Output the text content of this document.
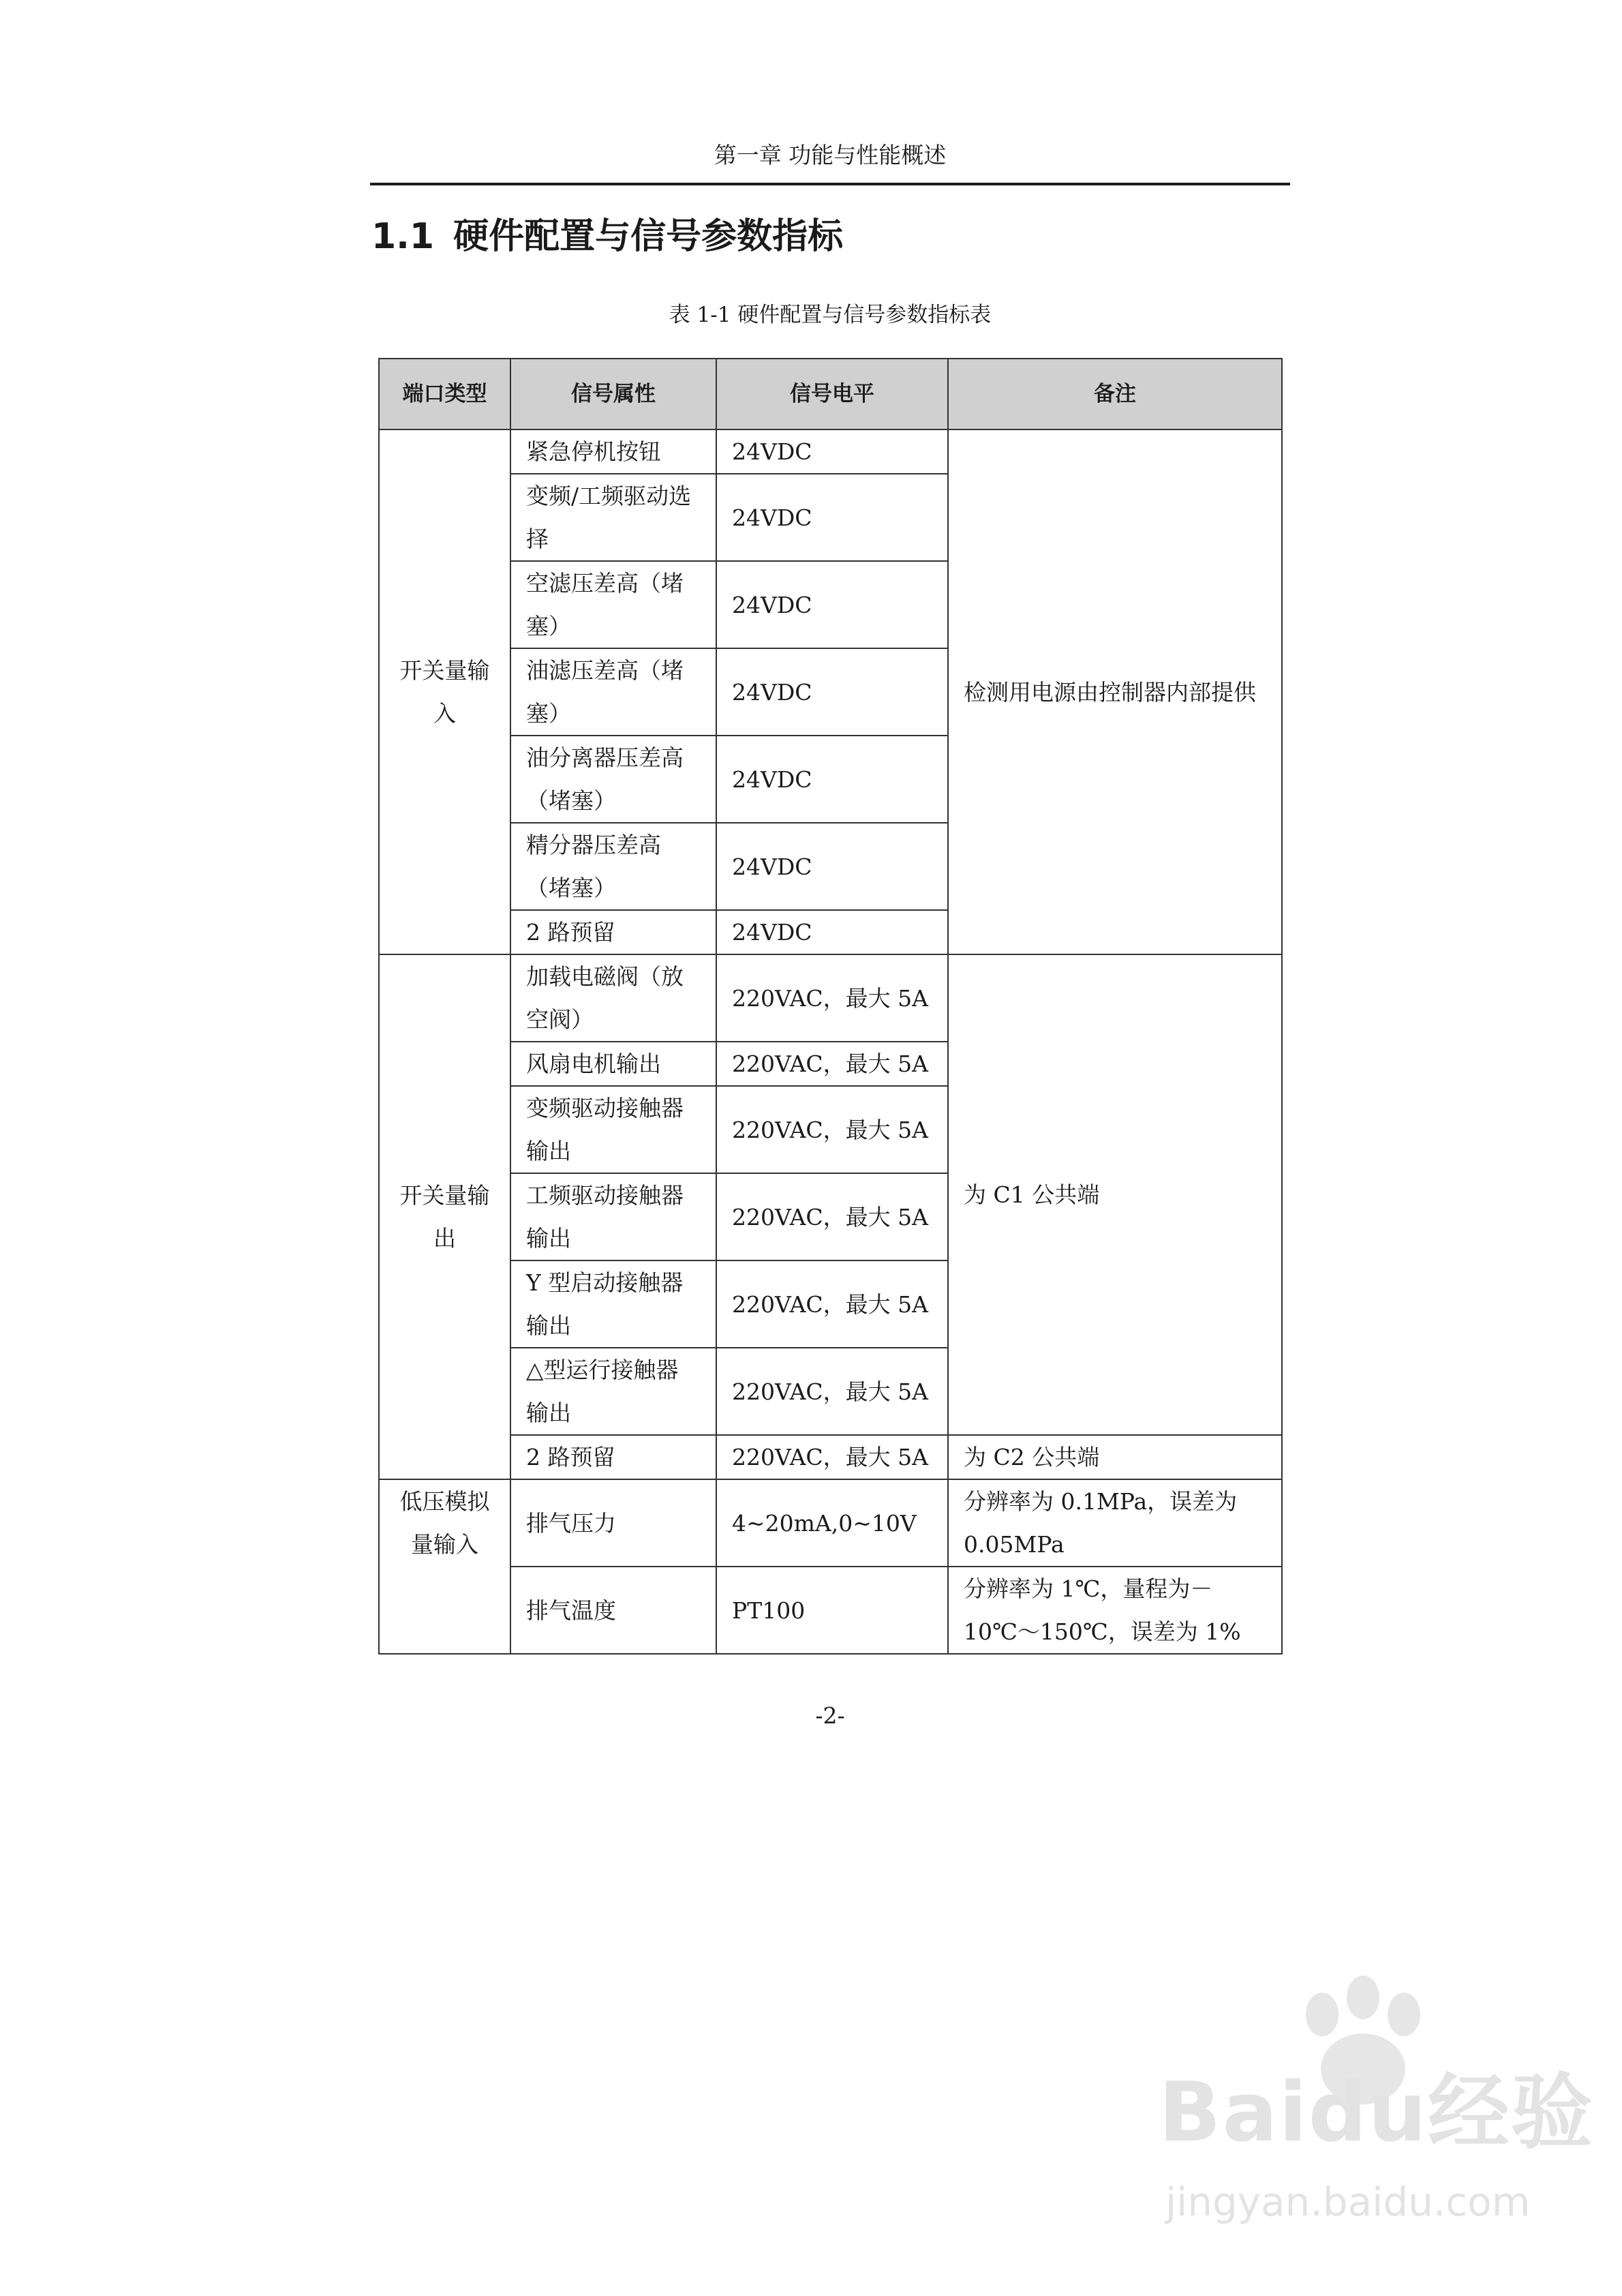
第一章 功能与性能概述
1.1 硬件配置与信号参数指标
表 1-1 硬件配置与信号参数指标表
端口类型	信号属性	信号电平	备注
开关量输入	紧急停机按钮	24VDC	检测用电源由控制器内部提供
	变频/工频驱动选择	24VDC	
	空滤压差高（堵塞）	24VDC	
	油滤压差高（堵塞）	24VDC	
	油分离器压差高（堵塞）	24VDC	
	精分器压差高（堵塞）	24VDC	
	2 路预留	24VDC	
开关量输出	加载电磁阀（放空阀）	220VAC，最大 5A	为 C1 公共端
	风扇电机输出	220VAC，最大 5A	
	变频驱动接触器输出	220VAC，最大 5A	
	工频驱动接触器输出	220VAC，最大 5A	
	Y 型启动接触器输出	220VAC，最大 5A	
	△型运行接触器输出	220VAC，最大 5A	
	2 路预留	220VAC，最大 5A	为 C2 公共端
低压模拟量输入	排气压力	4~20mA,0~10V	分辨率为 0.1MPa，误差为0.05MPa
	排气温度	PT100	分辨率为 1℃，量程为－10℃～150℃，误差为 1%
-2-
Baidu经验
jingyan.baidu.com
